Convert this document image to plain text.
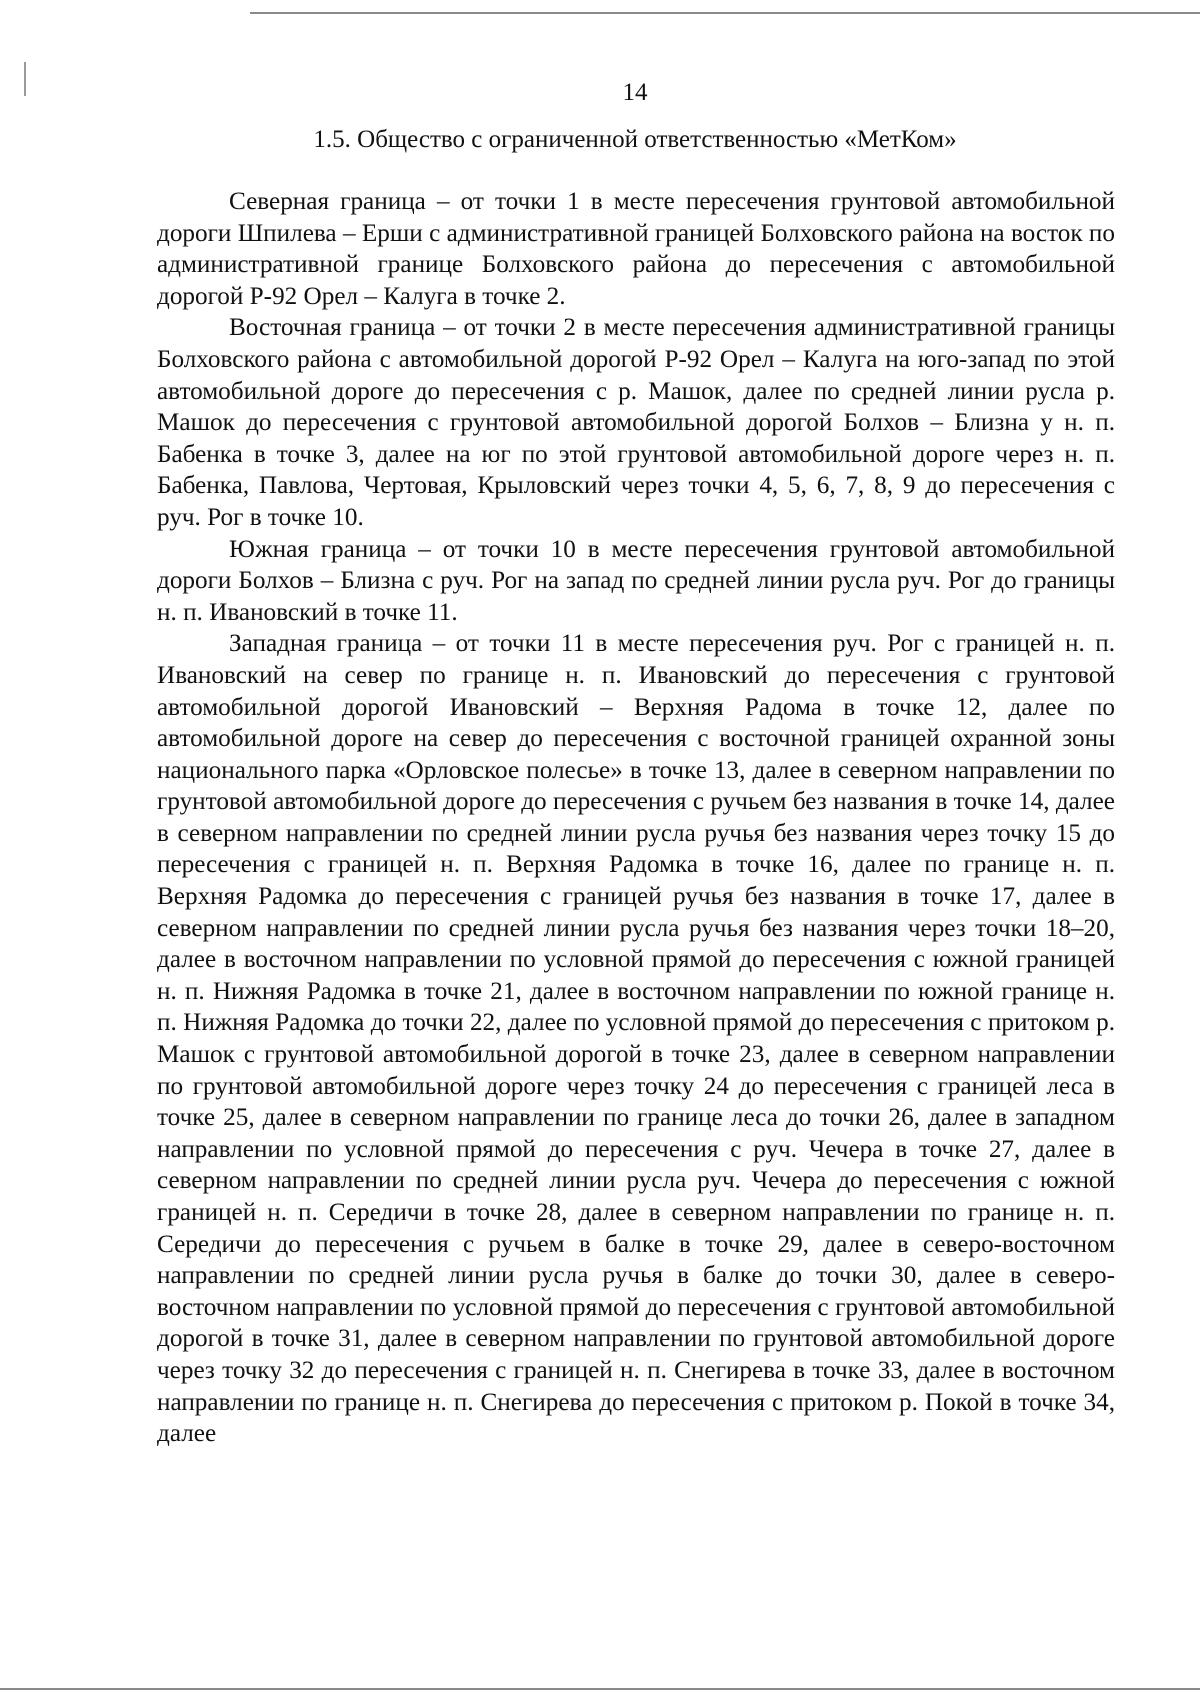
14
1.5. Общество с ограниченной ответственностью «МетКом»

Северная граница – от точки 1 в месте пересечения грунтовой автомобильной дороги Шпилева – Ерши с административной границей Болховского района на восток по административной границе Болховского района до пересечения с автомобильной дорогой Р-92 Орел – Калуга в точке 2.

Восточная граница – от точки 2 в месте пересечения административной границы Болховского района с автомобильной дорогой Р-92 Орел – Калуга на юго-запад по этой автомобильной дороге до пересечения с р. Машок, далее по средней линии русла р. Машок до пересечения с грунтовой автомобильной дорогой Болхов – Близна у н. п. Бабенка в точке 3, далее на юг по этой грунтовой автомобильной дороге через н. п. Бабенка, Павлова, Чертовая, Крыловский через точки 4, 5, 6, 7, 8, 9 до пересечения с руч. Рог в точке 10.

Южная граница – от точки 10 в месте пересечения грунтовой автомобильной дороги Болхов – Близна с руч. Рог на запад по средней линии русла руч. Рог до границы н. п. Ивановский в точке 11.

Западная граница – от точки 11 в месте пересечения руч. Рог с границей н. п. Ивановский на север по границе н. п. Ивановский до пересечения с грунтовой автомобильной дорогой Ивановский – Верхняя Радома в точке 12, далее по автомобильной дороге на север до пересечения с восточной границей охранной зоны национального парка «Орловское полесье» в точке 13, далее в северном направлении по грунтовой автомобильной дороге до пересечения с ручьем без названия в точке 14, далее в северном направлении по средней линии русла ручья без названия через точку 15 до пересечения с границей н. п. Верхняя Радомка в точке 16, далее по границе н. п. Верхняя Радомка до пересечения с границей ручья без названия в точке 17, далее в северном направлении по средней линии русла ручья без названия через точки 18–20, далее в восточном направлении по условной прямой до пересечения с южной границей н. п. Нижняя Радомка в точке 21, далее в восточном направлении по южной границе н. п. Нижняя Радомка до точки 22, далее по условной прямой до пересечения с притоком р. Машок с грунтовой автомобильной дорогой в точке 23, далее в северном направлении по грунтовой автомобильной дороге через точку 24 до пересечения с границей леса в точке 25, далее в северном направлении по границе леса до точки 26, далее в западном направлении по условной прямой до пересечения с руч. Чечера в точке 27, далее в северном направлении по средней линии русла руч. Чечера до пересечения с южной границей н. п. Середичи в точке 28, далее в северном направлении по границе н. п. Середичи до пересечения с ручьем в балке в точке 29, далее в северо-восточном направлении по средней линии русла ручья в балке до точки 30, далее в северо-восточном направлении по условной прямой до пересечения с грунтовой автомобильной дорогой в точке 31, далее в северном направлении по грунтовой автомобильной дороге через точку 32 до пересечения с границей н. п. Снегирева в точке 33, далее в восточном направлении по границе н. п. Снегирева до пересечения с притоком р. Покой в точке 34, далее
